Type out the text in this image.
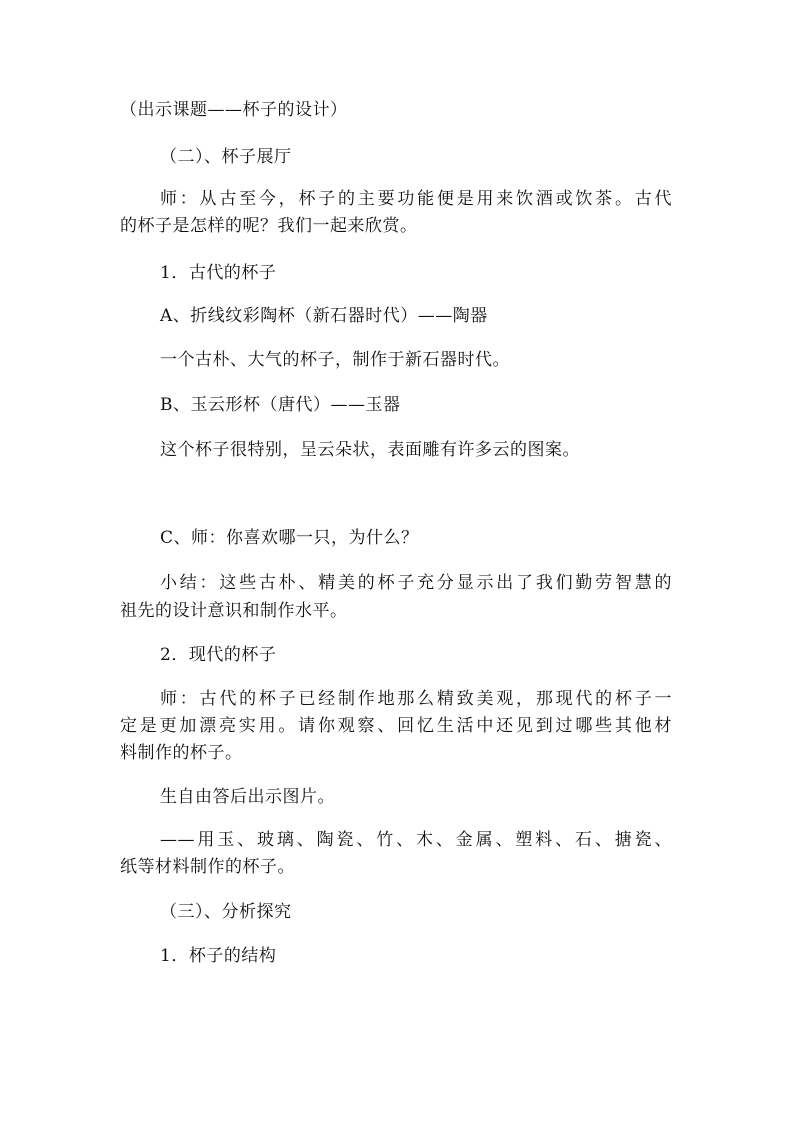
（出示课题——杯子的设计）

（二）、杯子展厅

师：从古至今，杯子的主要功能便是用来饮酒或饮茶。古代

的杯子是怎样的呢？我们一起来欣赏。

1．古代的杯子

A、折线纹彩陶杯（新石器时代）——陶器

一个古朴、大气的杯子，制作于新石器时代。

B、玉云形杯（唐代）——玉器

这个杯子很特别，呈云朵状，表面雕有许多云的图案。

C、师：你喜欢哪一只，为什么？

小结：这些古朴、精美的杯子充分显示出了我们勤劳智慧的

祖先的设计意识和制作水平。

2．现代的杯子

师：古代的杯子已经制作地那么精致美观，那现代的杯子一

定是更加漂亮实用。请你观察、回忆生活中还见到过哪些其他材

料制作的杯子。

生自由答后出示图片。

——用玉、玻璃、陶瓷、竹、木、金属、塑料、石、搪瓷、

纸等材料制作的杯子。

（三）、分析探究

1．杯子的结构
